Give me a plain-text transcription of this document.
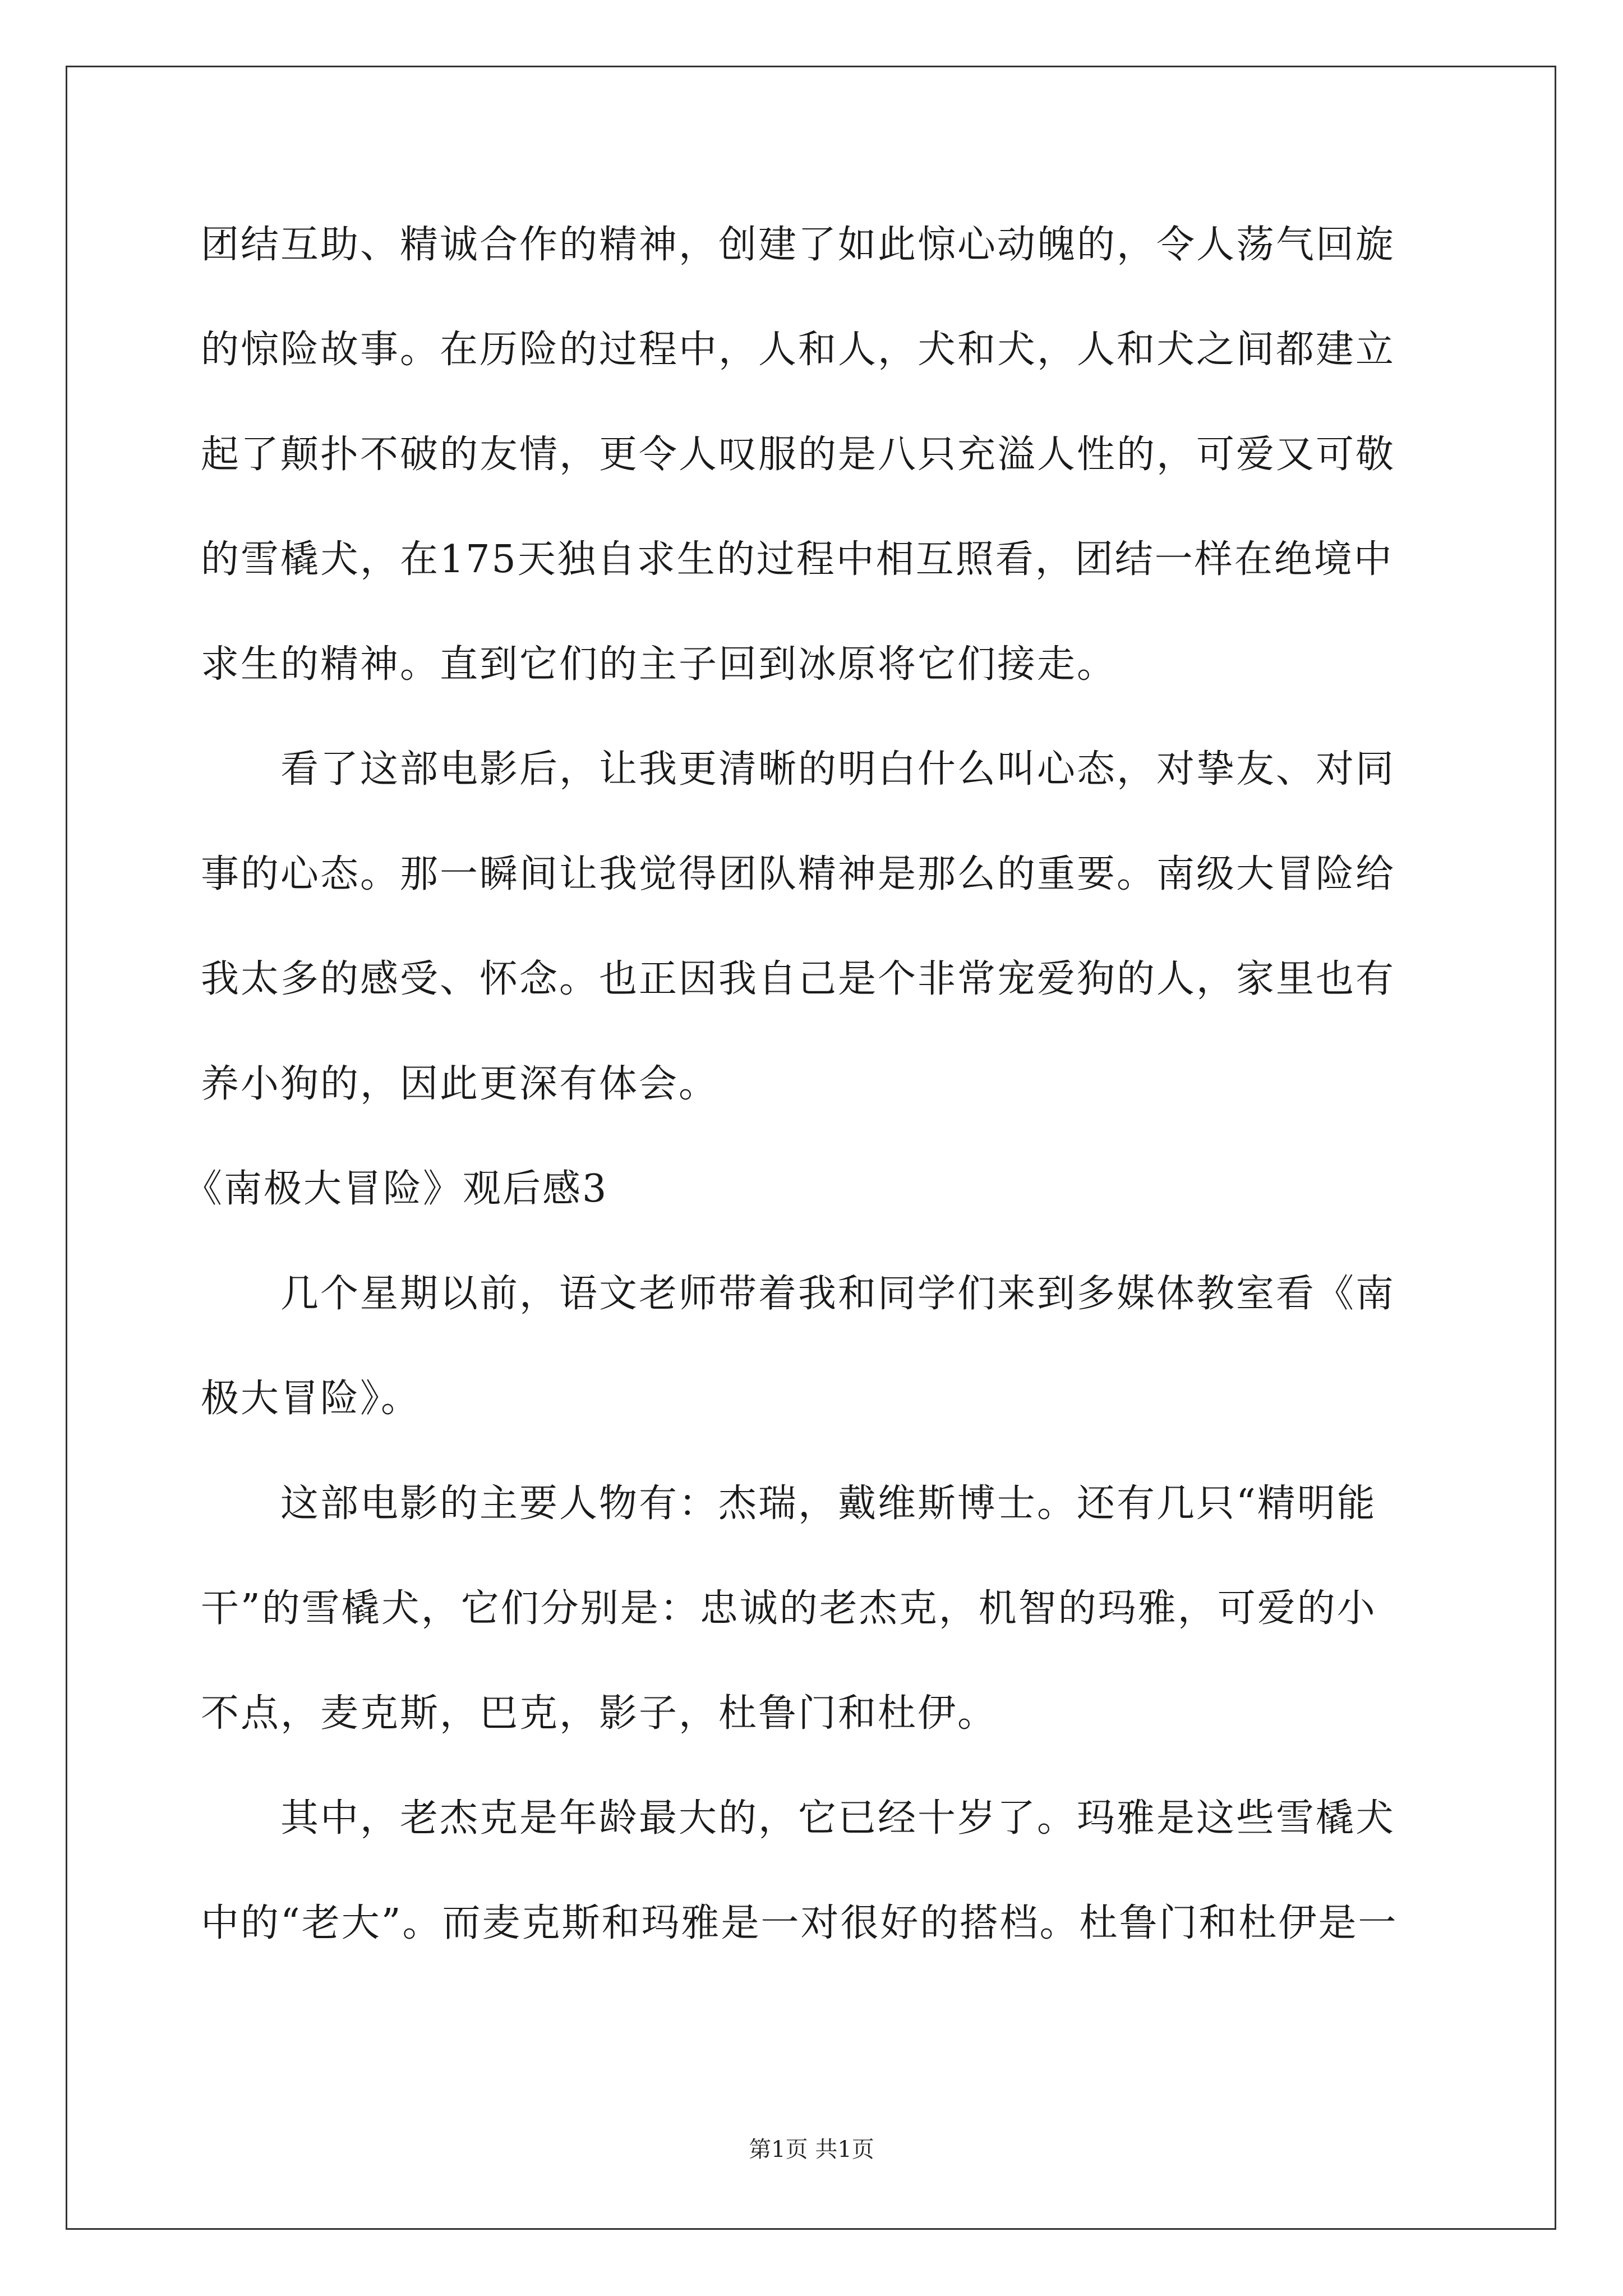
团结互助、精诚合作的精神，创建了如此惊心动魄的，令人荡气回旋
的惊险故事。在历险的过程中，人和人，犬和犬，人和犬之间都建立
起了颠扑不破的友情，更令人叹服的是八只充溢人性的，可爱又可敬
的雪橇犬，在175天独自求生的过程中相互照看，团结一样在绝境中
求生的精神。直到它们的主子回到冰原将它们接走。
看了这部电影后，让我更清晰的明白什么叫心态，对挚友、对同
事的心态。那一瞬间让我觉得团队精神是那么的重要。南级大冒险给
我太多的感受、怀念。也正因我自己是个非常宠爱狗的人，家里也有
养小狗的，因此更深有体会。
《南极大冒险》观后感3
几个星期以前，语文老师带着我和同学们来到多媒体教室看《南
极大冒险》。
这部电影的主要人物有：杰瑞，戴维斯博士。还有几只“精明能
干”的雪橇犬，它们分别是：忠诚的老杰克，机智的玛雅，可爱的小
不点，麦克斯，巴克，影子，杜鲁门和杜伊。
其中，老杰克是年龄最大的，它已经十岁了。玛雅是这些雪橇犬
中的“老大”。而麦克斯和玛雅是一对很好的搭档。杜鲁门和杜伊是一
第1页 共1页
